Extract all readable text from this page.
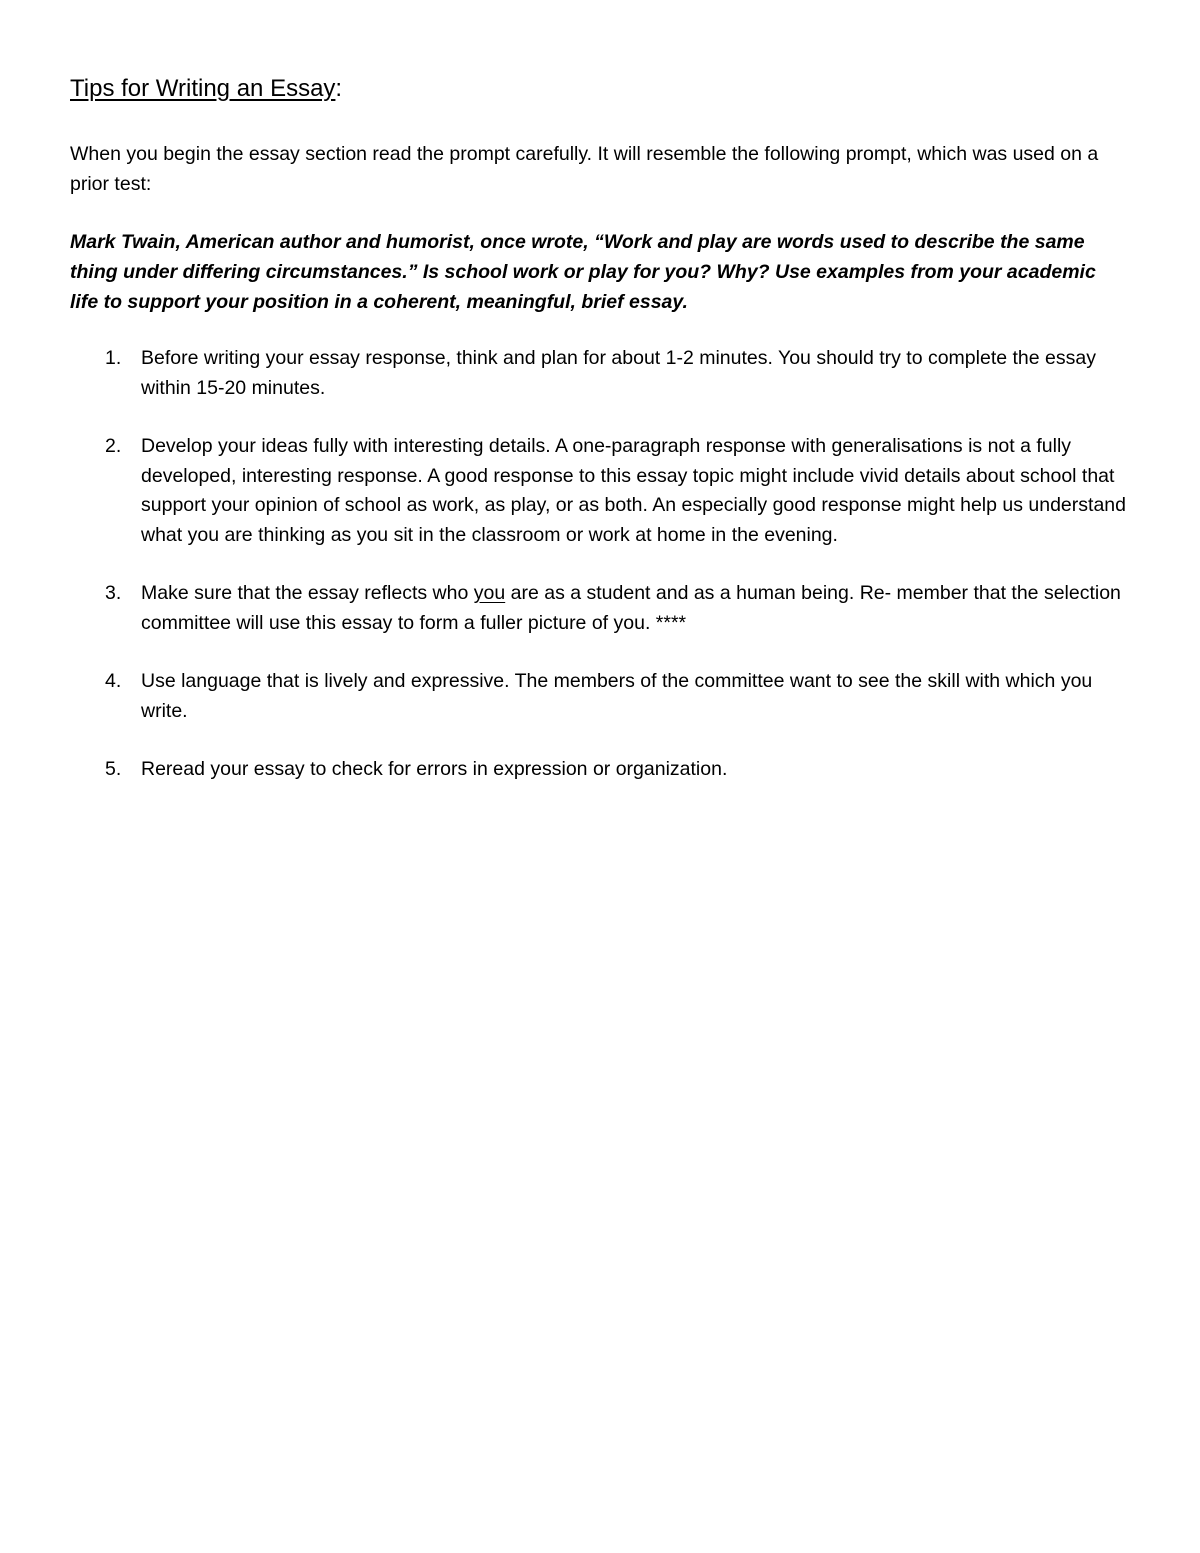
Tips for Writing an Essay:
When you begin the essay section read the prompt carefully. It will resemble the following prompt, which was used on a prior test:
Mark Twain, American author and humorist, once wrote, “Work and play are words used to describe the same thing under differing circumstances.” Is school work or play for you? Why? Use examples from your academic life to support your position in a coherent, meaningful, brief essay.
1. Before writing your essay response, think and plan for about 1-2 minutes. You should try to complete the essay within 15-20 minutes.
2. Develop your ideas fully with interesting details. A one-paragraph response with generalisations is not a fully developed, interesting response. A good response to this essay topic might include vivid details about school that support your opinion of school as work, as play, or as both. An especially good response might help us understand what you are thinking as you sit in the classroom or work at home in the evening.
3. Make sure that the essay reflects who you are as a student and as a human being. Re- member that the selection committee will use this essay to form a fuller picture of you. ****
4. Use language that is lively and expressive. The members of the committee want to see the skill with which you write.
5. Reread your essay to check for errors in expression or organization.
